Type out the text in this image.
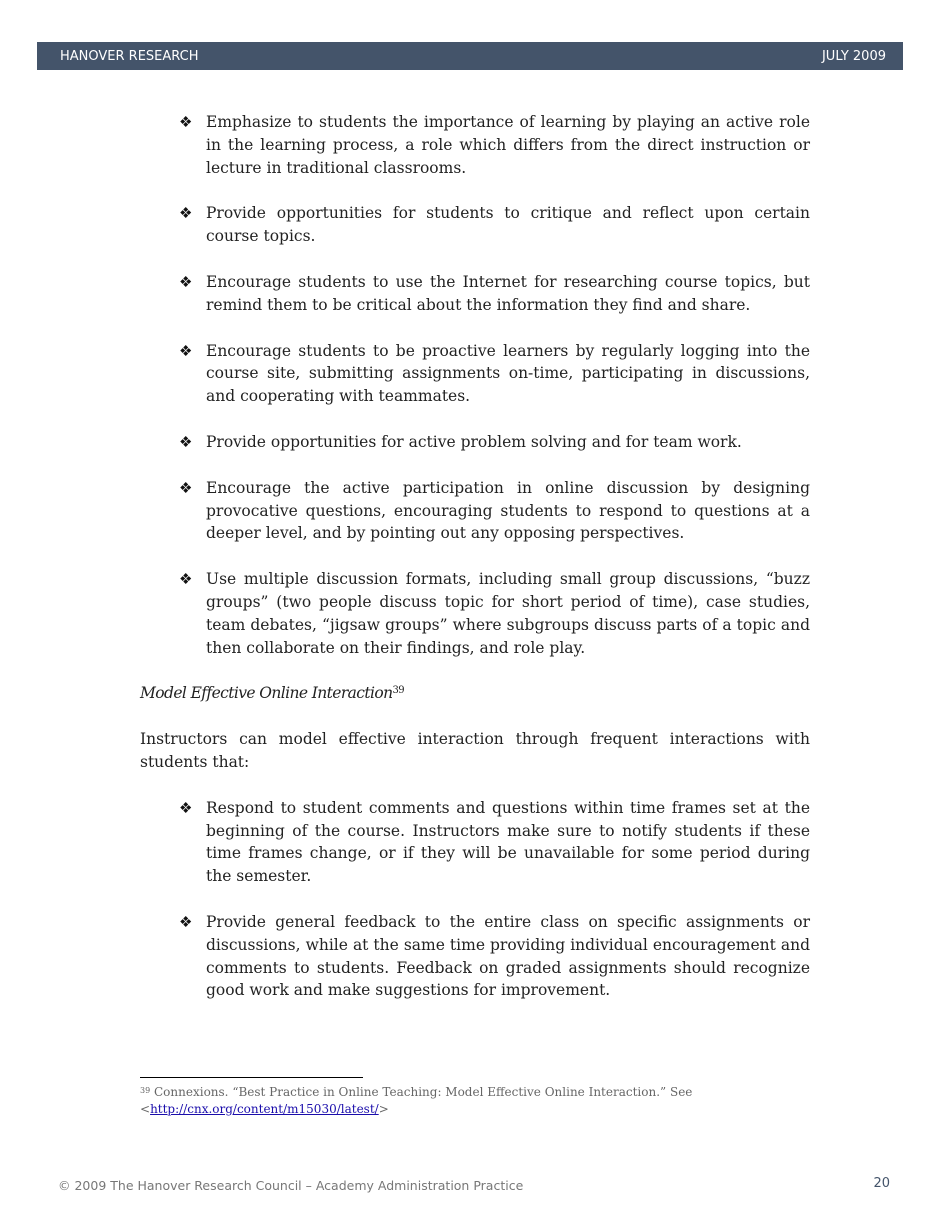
HANOVER RESEARCH	JULY 2009
❖ Emphasize to students the importance of learning by playing an active role in the learning process, a role which differs from the direct instruction or lecture in traditional classrooms.
❖ Provide opportunities for students to critique and reflect upon certain course topics.
❖ Encourage students to use the Internet for researching course topics, but remind them to be critical about the information they find and share.
❖ Encourage students to be proactive learners by regularly logging into the course site, submitting assignments on-time, participating in discussions, and cooperating with teammates.
❖ Provide opportunities for active problem solving and for team work.
❖ Encourage the active participation in online discussion by designing provocative questions, encouraging students to respond to questions at a deeper level, and by pointing out any opposing perspectives.
❖ Use multiple discussion formats, including small group discussions, “buzz groups” (two people discuss topic for short period of time), case studies, team debates, “jigsaw groups” where subgroups discuss parts of a topic and then collaborate on their findings, and role play.

Model Effective Online Interaction$^{39}$

Instructors can model effective interaction through frequent interactions with students that:

❖ Respond to student comments and questions within time frames set at the beginning of the course. Instructors make sure to notify students if these time frames change, or if they will be unavailable for some period during the semester.
❖ Provide general feedback to the entire class on specific assignments or discussions, while at the same time providing individual encouragement and comments to students. Feedback on graded assignments should recognize good work and make suggestions for improvement.
$^{39}$ Connexions. “Best Practice in Online Teaching: Model Effective Online Interaction.” See
<http://cnx.org/content/m15030/latest/>
© 2009 The Hanover Research Council – Academy Administration Practice	20
